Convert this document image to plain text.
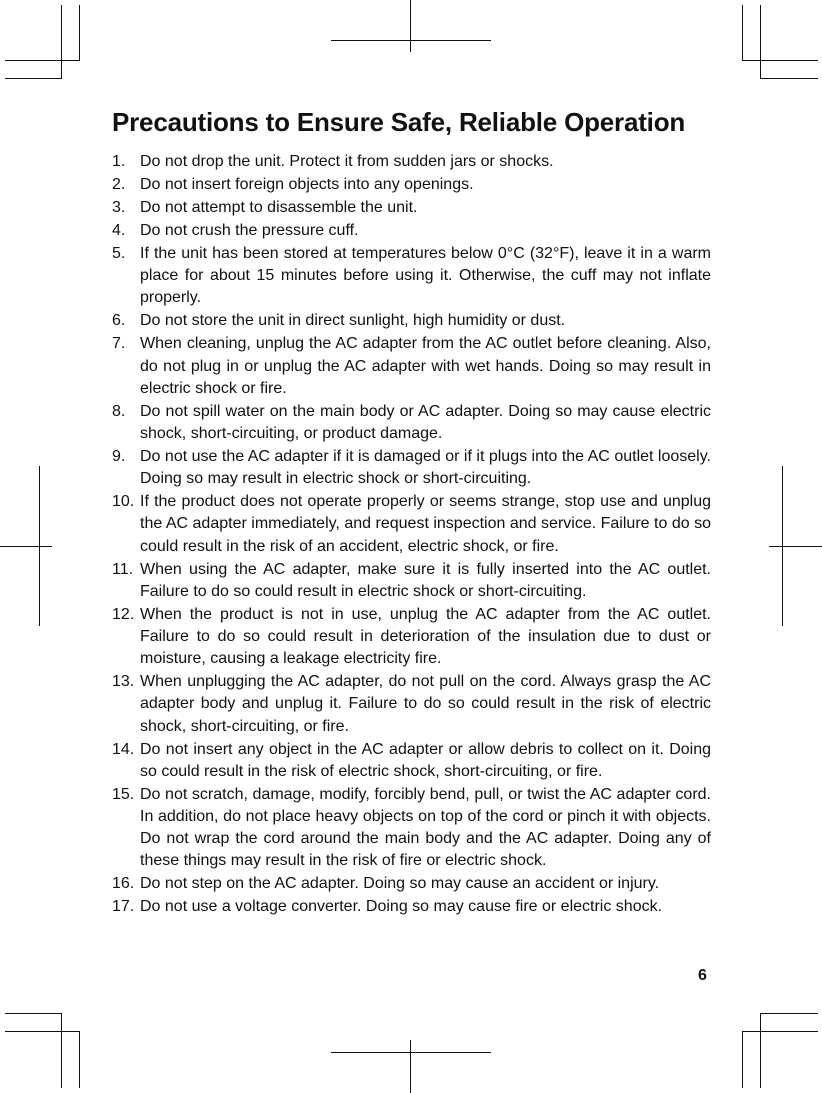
Precautions to Ensure Safe, Reliable Operation
1. Do not drop the unit. Protect it from sudden jars or shocks.
2. Do not insert foreign objects into any openings.
3. Do not attempt to disassemble the unit.
4. Do not crush the pressure cuff.
5. If the unit has been stored at temperatures below 0°C (32°F), leave it in a warm place for about 15 minutes before using it. Otherwise, the cuff may not inflate properly.
6. Do not store the unit in direct sunlight, high humidity or dust.
7. When cleaning, unplug the AC adapter from the AC outlet before cleaning. Also, do not plug in or unplug the AC adapter with wet hands. Doing so may result in electric shock or fire.
8. Do not spill water on the main body or AC adapter. Doing so may cause electric shock, short-circuiting, or product damage.
9. Do not use the AC adapter if it is damaged or if it plugs into the AC outlet loosely. Doing so may result in electric shock or short-circuiting.
10. If the product does not operate properly or seems strange, stop use and unplug the AC adapter immediately, and request inspection and service. Failure to do so could result in the risk of an accident, electric shock, or fire.
11. When using the AC adapter, make sure it is fully inserted into the AC outlet. Failure to do so could result in electric shock or short-circuiting.
12. When the product is not in use, unplug the AC adapter from the AC outlet. Failure to do so could result in deterioration of the insulation due to dust or moisture, causing a leakage electricity fire.
13. When unplugging the AC adapter, do not pull on the cord. Always grasp the AC adapter body and unplug it. Failure to do so could result in the risk of electric shock, short-circuiting, or fire.
14. Do not insert any object in the AC adapter or allow debris to collect on it. Doing so could result in the risk of electric shock, short-circuiting, or fire.
15. Do not scratch, damage, modify, forcibly bend, pull, or twist the AC adapter cord. In addition, do not place heavy objects on top of the cord or pinch it with objects. Do not wrap the cord around the main body and the AC adapter. Doing any of these things may result in the risk of fire or electric shock.
16. Do not step on the AC adapter. Doing so may cause an accident or injury.
17. Do not use a voltage converter. Doing so may cause fire or electric shock.
6
